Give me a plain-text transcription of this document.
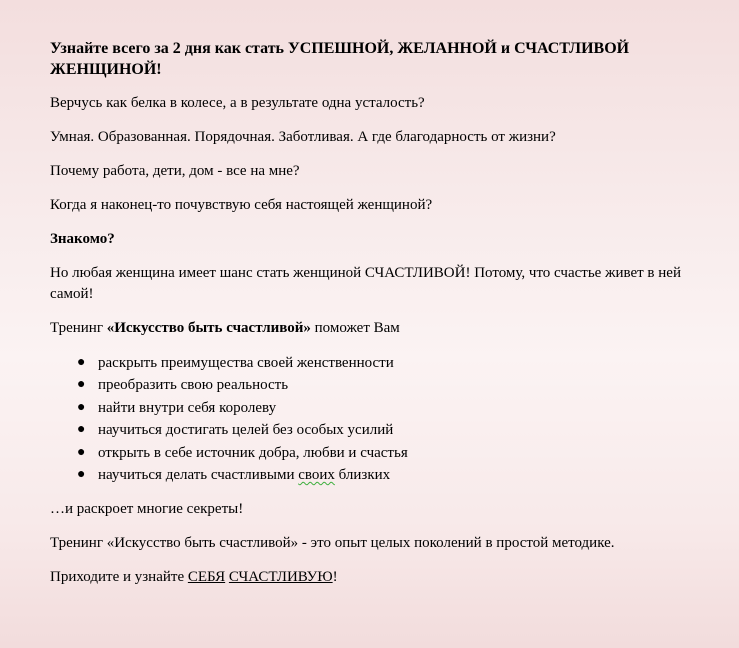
Узнайте всего за 2 дня как стать УСПЕШНОЙ, ЖЕЛАННОЙ и СЧАСТЛИВОЙ ЖЕНЩИНОЙ!

Верчусь как белка в колесе, а в результате одна усталость?

Умная. Образованная. Порядочная. Заботливая. А где благодарность от жизни?

Почему работа, дети, дом - все на мне?

Когда я наконец-то почувствую себя настоящей женщиной?

Знакомо?

Но любая женщина имеет шанс стать женщиной СЧАСТЛИВОЙ! Потому, что счастье живет в ней самой!

Тренинг «Искусство быть счастливой» поможет Вам

● раскрыть преимущества своей женственности
● преобразить свою реальность
● найти внутри себя королеву
● научиться достигать целей без особых усилий
● открыть в себе источник добра, любви и счастья
● научиться делать счастливыми своих близких

…и раскроет многие секреты!

Тренинг «Искусство быть счастливой» - это опыт целых поколений в простой методике.

Приходите и узнайте СЕБЯ СЧАСТЛИВУЮ!
